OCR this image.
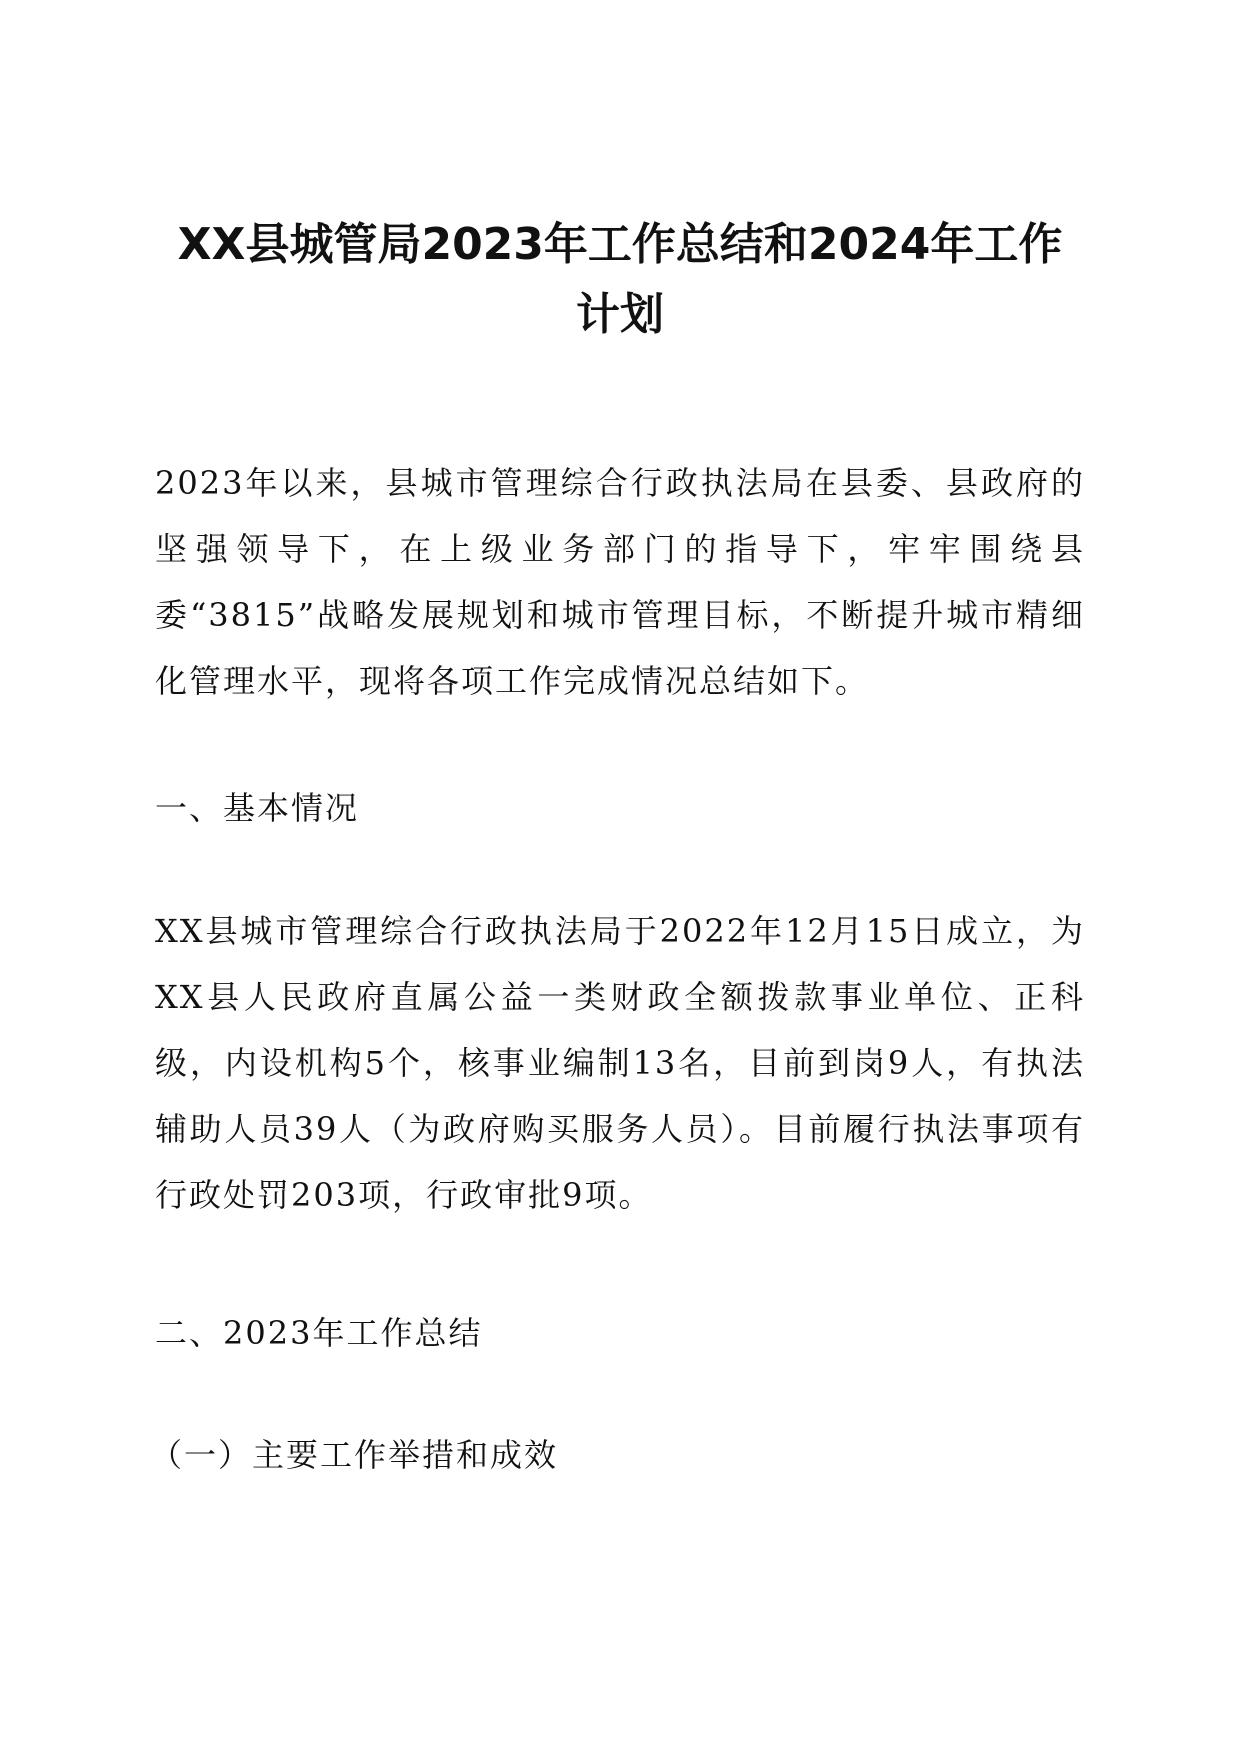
XX县城管局2023年工作总结和2024年工作
计划

2023年以来，县城市管理综合行政执法局在县委、县政府的坚强领导下，在上级业务部门的指导下，牢牢围绕县委“3815”战略发展规划和城市管理目标，不断提升城市精细化管理水平，现将各项工作完成情况总结如下。

一、基本情况

XX县城市管理综合行政执法局于2022年12月15日成立，为XX县人民政府直属公益一类财政全额拨款事业单位、正科级，内设机构5个，核事业编制13名，目前到岗9人，有执法辅助人员39人（为政府购买服务人员）。目前履行执法事项有行政处罚203项，行政审批9项。

二、2023年工作总结

（一）主要工作举措和成效
